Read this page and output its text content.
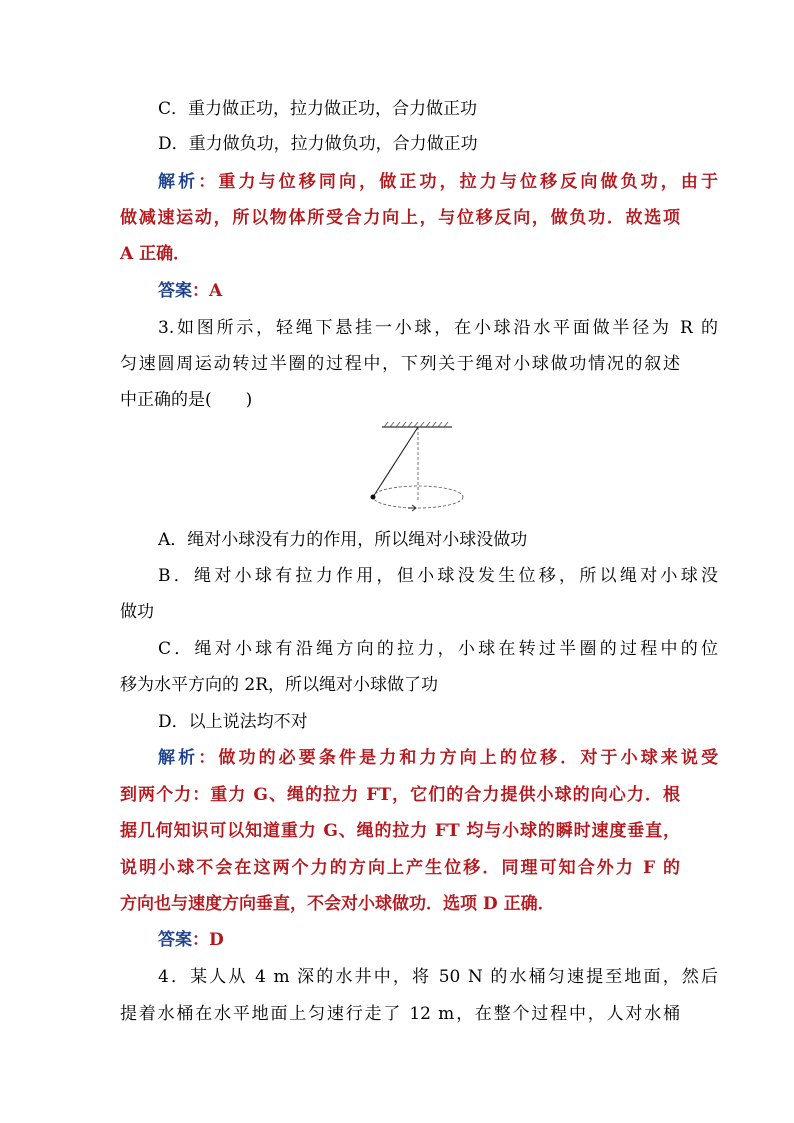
C．重力做正功，拉力做正功，合力做正功
D．重力做负功，拉力做负功，合力做正功
解析：重力与位移同向，做正功，拉力与位移反向做负功，由于
做减速运动，所以物体所受合力向上，与位移反向，做负功．故选项
A 正确．
答案：A
3.如图所示，轻绳下悬挂一小球，在小球沿水平面做半径为 R 的
匀速圆周运动转过半圈的过程中，下列关于绳对小球做功情况的叙述
中正确的是(　　)
A．绳对小球没有力的作用，所以绳对小球没做功
B．绳对小球有拉力作用，但小球没发生位移，所以绳对小球没
做功
C．绳对小球有沿绳方向的拉力，小球在转过半圈的过程中的位
移为水平方向的 2R，所以绳对小球做了功
D．以上说法均不对
解析：做功的必要条件是力和力方向上的位移．对于小球来说受
到两个力：重力 G、绳的拉力 FT，它们的合力提供小球的向心力．根
据几何知识可以知道重力 G、绳的拉力 FT 均与小球的瞬时速度垂直，
说明小球不会在这两个力的方向上产生位移．同理可知合外力 F 的
方向也与速度方向垂直，不会对小球做功．选项 D 正确．
答案：D
4．某人从 4 m 深的水井中，将 50 N 的水桶匀速提至地面，然后
提着水桶在水平地面上匀速行走了 12 m，在整个过程中，人对水桶
